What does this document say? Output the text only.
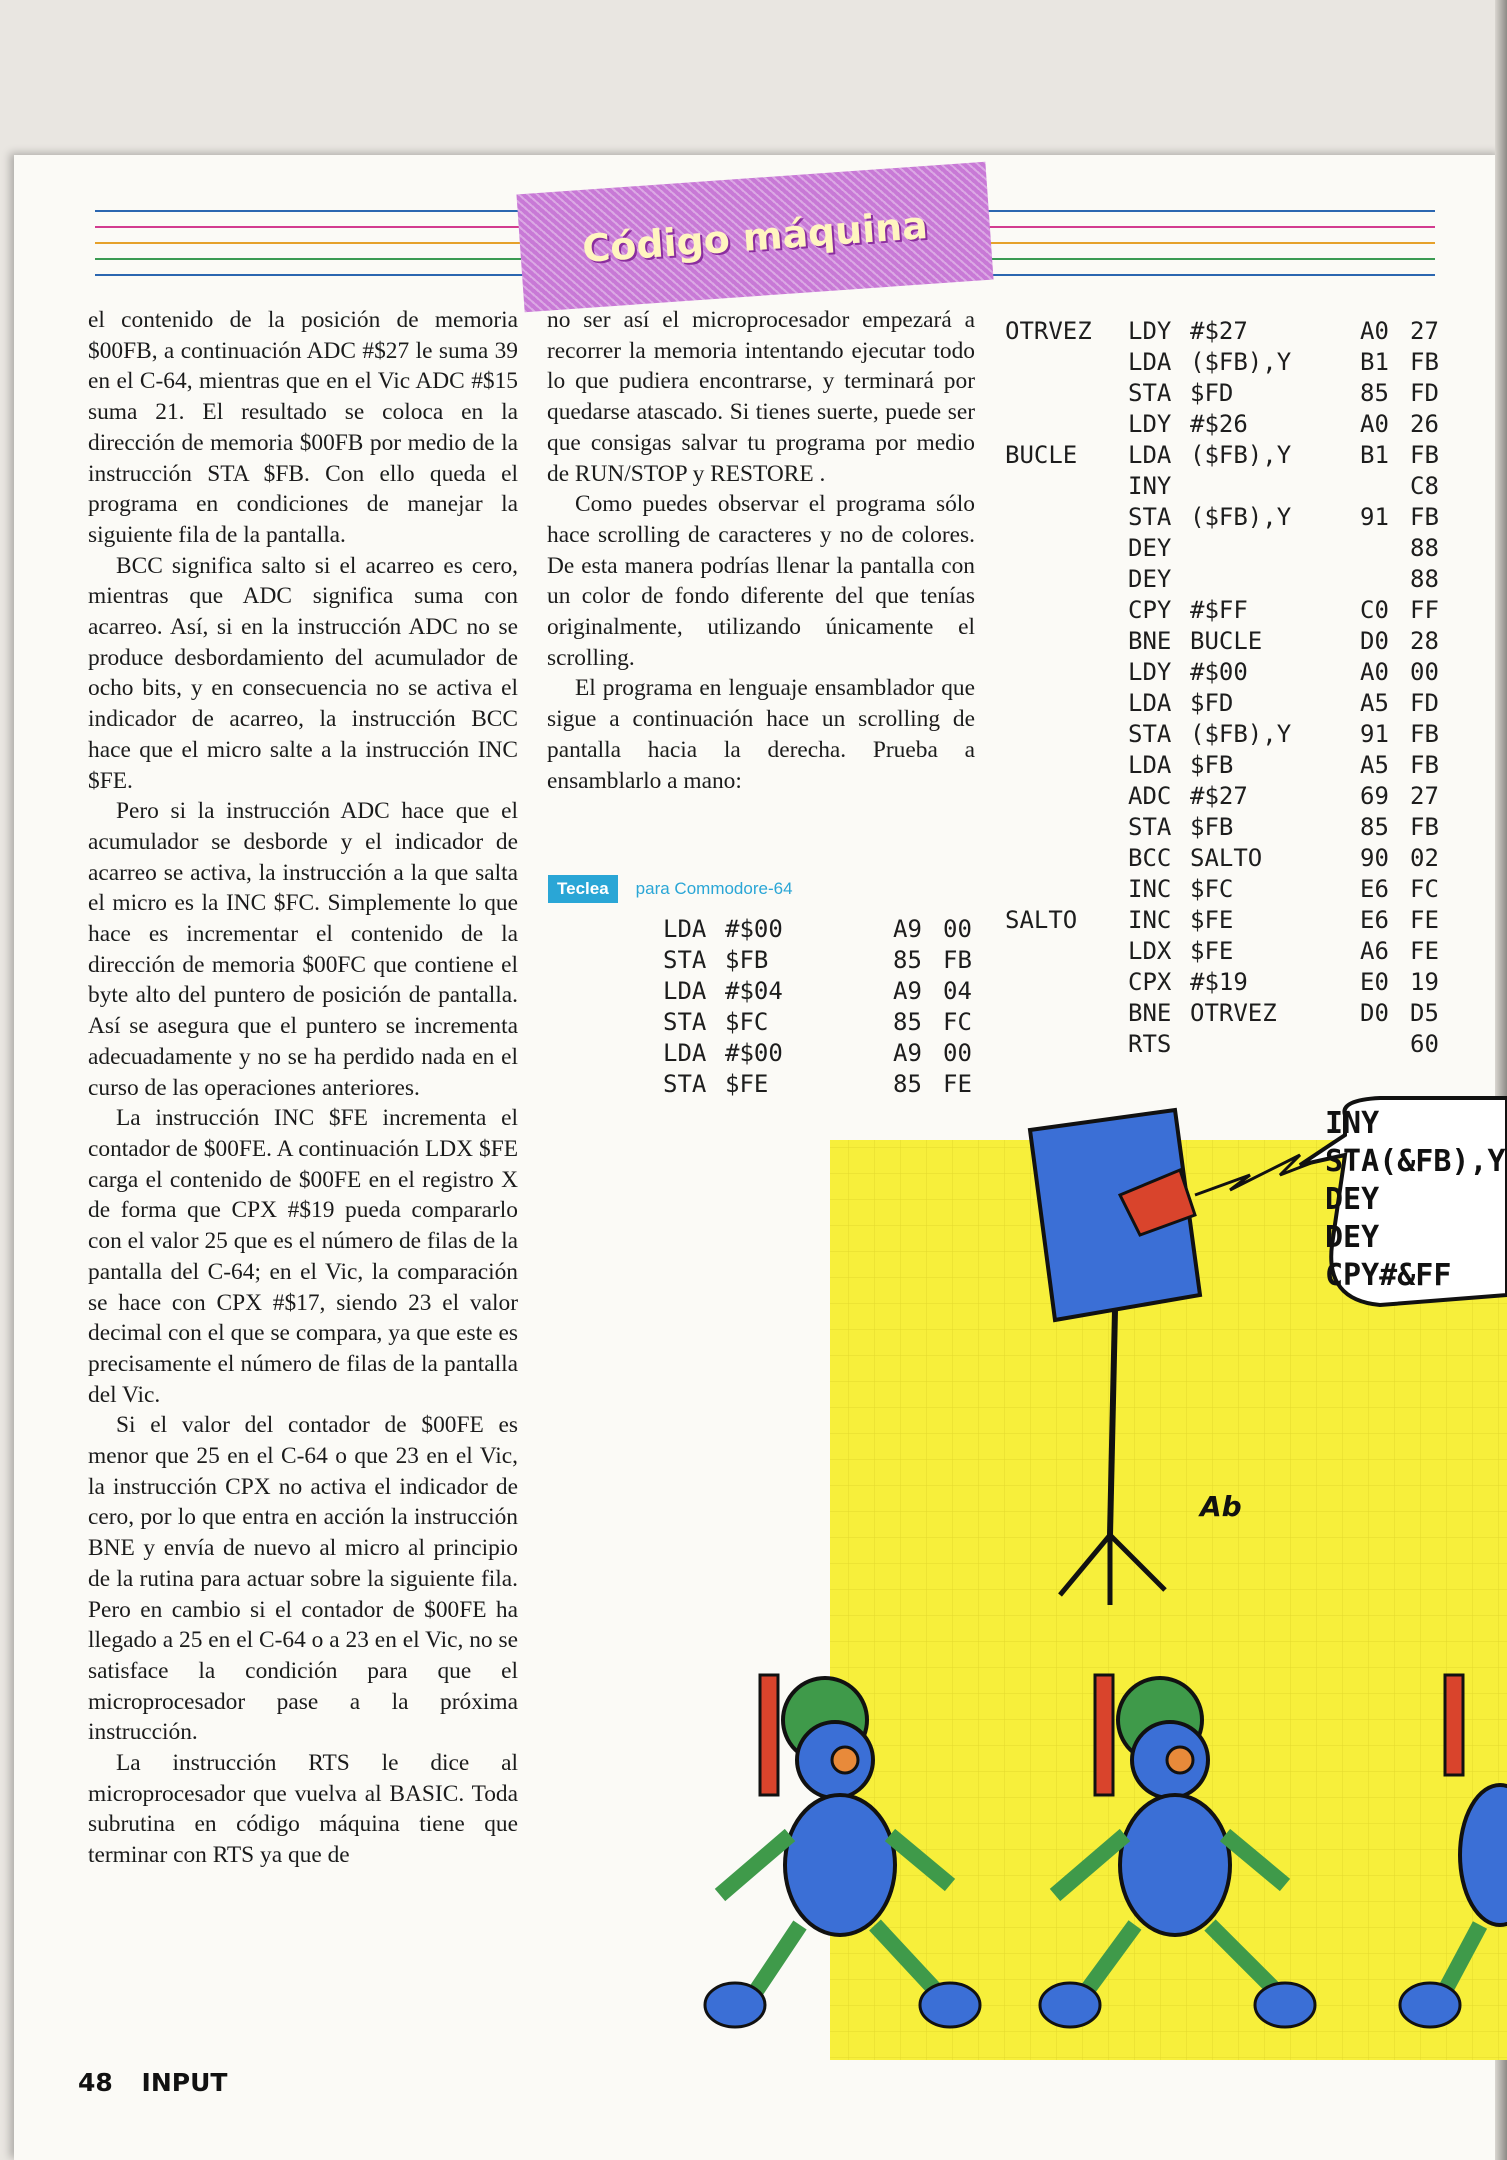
Código máquina

el contenido de la posición de memoria $00FB, a continuación ADC #$27 le suma 39 en el C-64, mientras que en el Vic ADC #$15 suma 21. El resultado se coloca en la dirección de memoria $00FB por medio de la instrucción STA $FB. Con ello queda el programa en condiciones de manejar la siguiente fila de la pantalla.

BCC significa salto si el acarreo es cero, mientras que ADC significa suma con acarreo. Así, si en la instrucción ADC no se produce desbordamiento del acumulador de ocho bits, y en consecuencia no se activa el indicador de acarreo, la instrucción BCC hace que el micro salte a la instrucción INC $FE.

Pero si la instrucción ADC hace que el acumulador se desborde y el indicador de acarreo se activa, la instrucción a la que salta el micro es la INC $FC. Simplemente lo que hace es incrementar el contenido de la dirección de memoria $00FC que contiene el byte alto del puntero de posición de pantalla. Así se asegura que el puntero se incrementa adecuadamente y no se ha perdido nada en el curso de las operaciones anteriores.

La instrucción INC $FE incrementa el contador de $00FE. A continuación LDX $FE carga el contenido de $00FE en el registro X de forma que CPX #$19 pueda compararlo con el valor 25 que es el número de filas de la pantalla del C-64; en el Vic, la comparación se hace con CPX #$17, siendo 23 el valor decimal con el que se compara, ya que este es precisamente el número de filas de la pantalla del Vic.

Si el valor del contador de $00FE es menor que 25 en el C-64 o que 23 en el Vic, la instrucción CPX no activa el indicador de cero, por lo que entra en acción la instrucción BNE y envía de nuevo al micro al principio de la rutina para actuar sobre la siguiente fila. Pero en cambio si el contador de $00FE ha llegado a 25 en el C-64 o a 23 en el Vic, no se satisface la condición para que el microprocesador pase a la próxima instrucción.

La instrucción RTS le dice al microprocesador que vuelva al BASIC. Toda subrutina en código máquina tiene que terminar con RTS ya que de

no ser así el microprocesador empezará a recorrer la memoria intentando ejecutar todo lo que pudiera encontrarse, y terminará por quedarse atascado. Si tienes suerte, puede ser que consigas salvar tu programa por medio de RUN/STOP y RESTORE .

Como puedes observar el programa sólo hace scrolling de caracteres y no de colores. De esta manera podrías llenar la pantalla con un color de fondo diferente del que tenías originalmente, utilizando únicamente el scrolling.

El programa en lenguaje ensamblador que sigue a continuación hace un scrolling de pantalla hacia la derecha. Prueba a ensamblarlo a mano:

Teclea	para Commodore-64
LDA #$00	A9 00
STA $FB	85 FB
LDA #$04	A9 04
STA $FC	85 FC
LDA #$00	A9 00
STA $FE	85 FE
OTRVEZ LDY #$27	A0 27
LDA ($FB),Y	B1 FB
STA $FD	85 FD
LDY #$26	A0 26
BUCLE LDA ($FB),Y	B1 FB
INY	C8
STA ($FB),Y	91 FB
DEY	88
DEY	88
CPY #$FF	C0 FF
BNE BUCLE	D0 28
LDY #$00	A0 00
LDA $FD	A5 FD
STA ($FB),Y	91 FB
LDA $FB	A5 FB
ADC #$27	69 27
STA $FB	85 FB
BCC SALTO	90 02
INC $FC	E6 FC
SALTO INC $FE	E6 FE
LDX $FE	A6 FE
CPX #$19	E0 19
BNE OTRVEZ	D0 D5
RTS	60
INY
STA(&FB),Y
DEY
DEY
CPY#&FF
Ab
48 INPUT
